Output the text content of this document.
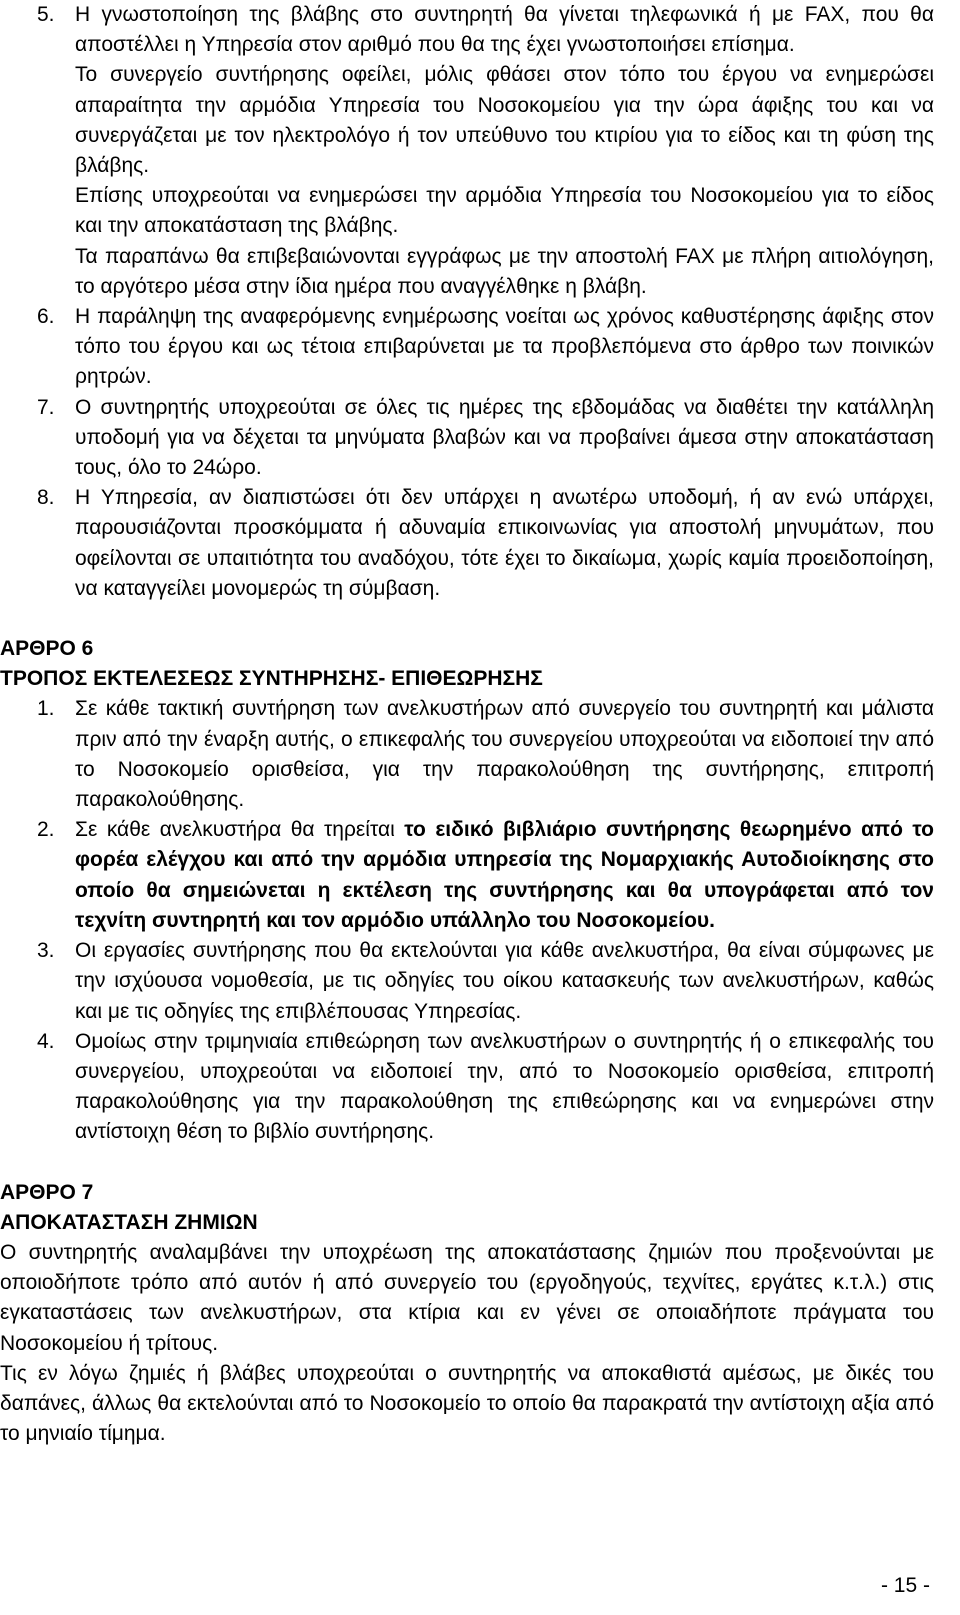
5. Η γνωστοποίηση της βλάβης στο συντηρητή θα γίνεται τηλεφωνικά ή με FAX, που θα αποστέλλει η Υπηρεσία στον αριθμό που θα της έχει γνωστοποιήσει επίσημα.
Το συνεργείο συντήρησης οφείλει, μόλις φθάσει στον τόπο του έργου να ενημερώσει απαραίτητα την αρμόδια Υπηρεσία του Νοσοκομείου για την ώρα άφιξης του και να συνεργάζεται με τον ηλεκτρολόγο ή τον υπεύθυνο του κτιρίου για το είδος και τη φύση της βλάβης.
Επίσης υποχρεούται να ενημερώσει την αρμόδια Υπηρεσία του Νοσοκομείου για το είδος και την αποκατάσταση της βλάβης.
Τα παραπάνω θα επιβεβαιώνονται εγγράφως με την αποστολή FAX με πλήρη αιτιολόγηση, το αργότερο μέσα στην ίδια ημέρα που αναγγέλθηκε η βλάβη.
6. Η παράληψη της αναφερόμενης ενημέρωσης νοείται ως χρόνος καθυστέρησης άφιξης στον τόπο του έργου και ως τέτοια επιβαρύνεται με τα προβλεπόμενα στο άρθρο των ποινικών ρητρών.
7. Ο συντηρητής υποχρεούται σε όλες τις ημέρες της εβδομάδας να διαθέτει την κατάλληλη υποδομή για να δέχεται τα μηνύματα βλαβών και να προβαίνει άμεσα στην αποκατάσταση τους, όλο το 24ώρο.
8. Η Υπηρεσία, αν διαπιστώσει ότι δεν υπάρχει η ανωτέρω υποδομή, ή αν ενώ υπάρχει, παρουσιάζονται προσκόμματα ή αδυναμία επικοινωνίας για αποστολή μηνυμάτων, που οφείλονται σε υπαιτιότητα του αναδόχου, τότε έχει το δικαίωμα, χωρίς καμία προειδοποίηση, να καταγγείλει μονομερώς τη σύμβαση.
ΑΡΘΡΟ 6
ΤΡΟΠΟΣ ΕΚΤΕΛΕΣΕΩΣ ΣΥΝΤΗΡΗΣΗΣ- ΕΠΙΘΕΩΡΗΣΗΣ
1. Σε κάθε τακτική συντήρηση των ανελκυστήρων από συνεργείο του συντηρητή και μάλιστα πριν από την έναρξη αυτής, ο επικεφαλής του συνεργείου υποχρεούται να ειδοποιεί την από το Νοσοκομείο ορισθείσα, για την παρακολούθηση της συντήρησης, επιτροπή παρακολούθησης.
2. Σε κάθε ανελκυστήρα θα τηρείται το ειδικό βιβλιάριο συντήρησης θεωρημένο από το φορέα ελέγχου και από την αρμόδια υπηρεσία της Νομαρχιακής Αυτοδιοίκησης στο οποίο θα σημειώνεται η εκτέλεση της συντήρησης και θα υπογράφεται από τον τεχνίτη συντηρητή και τον αρμόδιο υπάλληλο του Νοσοκομείου.
3. Οι εργασίες συντήρησης που θα εκτελούνται για κάθε ανελκυστήρα, θα είναι σύμφωνες με την ισχύουσα νομοθεσία, με τις οδηγίες του οίκου κατασκευής των ανελκυστήρων, καθώς και με τις οδηγίες της επιβλέπουσας Υπηρεσίας.
4. Ομοίως στην τριμηνιαία επιθεώρηση των ανελκυστήρων ο συντηρητής ή ο επικεφαλής του συνεργείου, υποχρεούται να ειδοποιεί την, από το Νοσοκομείο ορισθείσα, επιτροπή παρακολούθησης για την παρακολούθηση της επιθεώρησης και να ενημερώνει στην αντίστοιχη θέση το βιβλίο συντήρησης.
ΑΡΘΡΟ 7
ΑΠΟΚΑΤΑΣΤΑΣΗ ΖΗΜΙΩΝ
Ο συντηρητής αναλαμβάνει την υποχρέωση της αποκατάστασης ζημιών που προξενούνται με οποιοδήποτε τρόπο από αυτόν ή από συνεργείο του (εργοδηγούς, τεχνίτες, εργάτες κ.τ.λ.) στις εγκαταστάσεις των ανελκυστήρων, στα κτίρια και εν γένει σε οποιαδήποτε πράγματα του Νοσοκομείου ή τρίτους.
Τις εν λόγω ζημιές ή βλάβες υποχρεούται ο συντηρητής να αποκαθιστά αμέσως, με δικές του δαπάνες, άλλως θα εκτελούνται από το Νοσοκομείο το οποίο θα παρακρατά την αντίστοιχη αξία από το μηνιαίο τίμημα.
- 15 -
